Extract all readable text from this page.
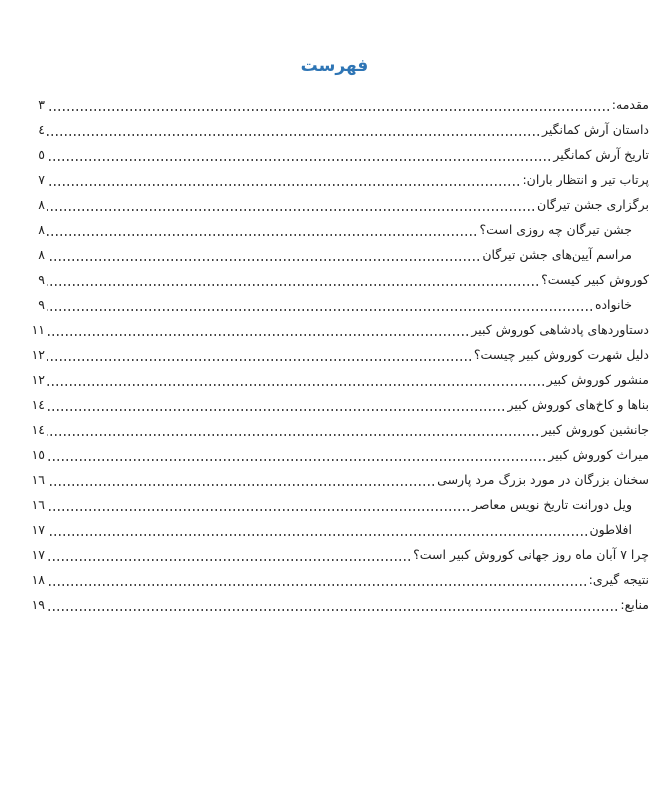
فهرست
مقدمه:
٣
داستان آرش کمانگیر
٤
تاریخ آرش کمانگیر
٥
پرتاب تیر و انتظار باران:
٧
برگزاری جشن تیرگان
٨
جشن تیرگان چه روزی است؟
٨
مراسم آیین‌های جشن تیرگان
٨
کوروش کبیر کیست؟
٩
خانواده
٩
دستاوردهای پادشاهی کوروش کبیر
١١
دلیل شهرت کوروش کبیر چیست؟
١٢
منشور کوروش کبیر
١٢
بناها و کاخ‌های کوروش کبیر
١٤
جانشین کوروش کبیر
١٤
میراث کوروش کبیر
١٥
سخنان بزرگان در مورد بزرگ مرد پارسی
١٦
ویل دورانت تاریخ نویس معاصر
١٦
افلاطون
١٧
چرا ٧ آبان ماه روز جهانی کوروش کبیر است؟
١٧
نتیجه گیری:
١٨
منابع:
١٩
